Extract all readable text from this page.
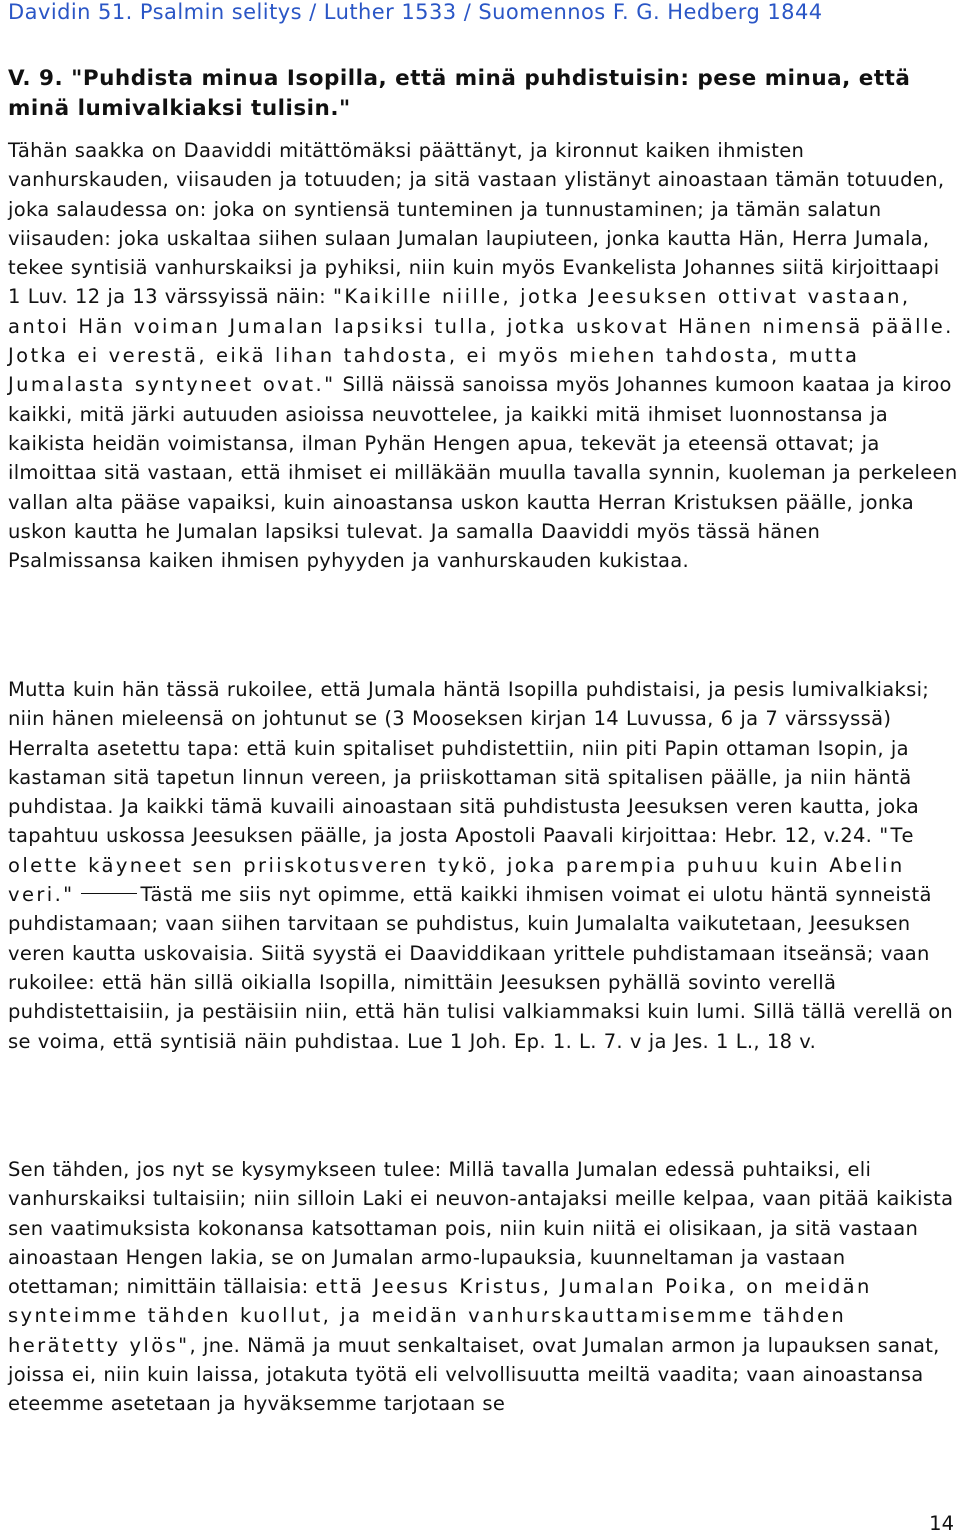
Davidin 51. Psalmin selitys / Luther 1533 / Suomennos F. G. Hedberg 1844

V. 9. "Puhdista minua Isopilla, että minä puhdistuisin: pese minua, että minä lumivalkiaksi tulisin."

Tähän saakka on Daaviddi mitättömäksi päättänyt, ja kironnut kaiken ihmisten vanhurskauden, viisauden ja totuuden; ja sitä vastaan ylistänyt ainoastaan tämän totuuden, joka salaudessa on: joka on syntiensä tunteminen ja tunnustaminen; ja tämän salatun viisauden: joka uskaltaa siihen sulaan Jumalan laupiuteen, jonka kautta Hän, Herra Jumala, tekee syntisiä vanhurskaiksi ja pyhiksi, niin kuin myös Evankelista Johannes siitä kirjoittaapi 1 Luv. 12 ja 13 värssyissä näin: "Kaikille niille, jotka Jeesuksen ottivat vastaan, antoi Hän voiman Jumalan lapsiksi tulla, jotka uskovat Hänen nimensä päälle. Jotka ei verestä, eikä lihan tahdosta, ei myös miehen tahdosta, mutta Jumalasta syntyneet ovat." Sillä näissä sanoissa myös Johannes kumoon kaataa ja kiroo kaikki, mitä järki autuuden asioissa neuvottelee, ja kaikki mitä ihmiset luonnostansa ja kaikista heidän voimistansa, ilman Pyhän Hengen apua, tekevät ja eteensä ottavat; ja ilmoittaa sitä vastaan, että ihmiset ei milläkään muulla tavalla synnin, kuoleman ja perkeleen vallan alta pääse vapaiksi, kuin ainoastansa uskon kautta Herran Kristuksen päälle, jonka uskon kautta he Jumalan lapsiksi tulevat. Ja samalla Daaviddi myös tässä hänen Psalmissansa kaiken ihmisen pyhyyden ja vanhurskauden kukistaa.

Mutta kuin hän tässä rukoilee, että Jumala häntä Isopilla puhdistaisi, ja pesis lumivalkiaksi; niin hänen mieleensä on johtunut se (3 Mooseksen kirjan 14 Luvussa, 6 ja 7 värssyssä) Herralta asetettu tapa: että kuin spitaliset puhdistettiin, niin piti Papin ottaman Isopin, ja kastaman sitä tapetun linnun vereen, ja priiskottaman sitä spitalisen päälle, ja niin häntä puhdistaa. Ja kaikki tämä kuvaili ainoastaan sitä puhdistusta Jeesuksen veren kautta, joka tapahtuu uskossa Jeesuksen päälle, ja josta Apostoli Paavali kirjoittaa: Hebr. 12, v.24. "Te olette käyneet sen priiskotusveren tykö, joka parempia puhuu kuin Abelin veri."	Tästä me siis nyt opimme, että kaikki ihmisen voimat ei ulotu häntä synneistä puhdistamaan; vaan siihen tarvitaan se puhdistus, kuin Jumalalta vaikutetaan, Jeesuksen veren kautta uskovaisia. Siitä syystä ei Daaviddikaan yrittele puhdistamaan itseänsä; vaan rukoilee: että hän sillä oikialla Isopilla, nimittäin Jeesuksen pyhällä sovinto verellä puhdistettaisiin, ja pestäisiin niin, että hän tulisi valkiammaksi kuin lumi. Sillä tällä verellä on se voima, että syntisiä näin puhdistaa. Lue 1 Joh. Ep. 1. L. 7. v ja Jes. 1 L., 18 v.

Sen tähden, jos nyt se kysymykseen tulee: Millä tavalla Jumalan edessä puhtaiksi, eli vanhurskaiksi tultaisiin; niin silloin Laki ei neuvon-antajaksi meille kelpaa, vaan pitää kaikista sen vaatimuksista kokonansa katsottaman pois, niin kuin niitä ei olisikaan, ja sitä vastaan ainoastaan Hengen lakia, se on Jumalan armo-lupauksia, kuunneltaman ja vastaan otettaman; nimittäin tällaisia: että Jeesus Kristus, Jumalan Poika, on meidän synteimme tähden kuollut, ja meidän vanhurskauttamisemme tähden herätetty ylös", jne. Nämä ja muut senkaltaiset, ovat Jumalan armon ja lupauksen sanat, joissa ei, niin kuin laissa, jotakuta työtä eli velvollisuutta meiltä vaadita; vaan ainoastansa eteemme asetetaan ja hyväksemme tarjotaan se

14
